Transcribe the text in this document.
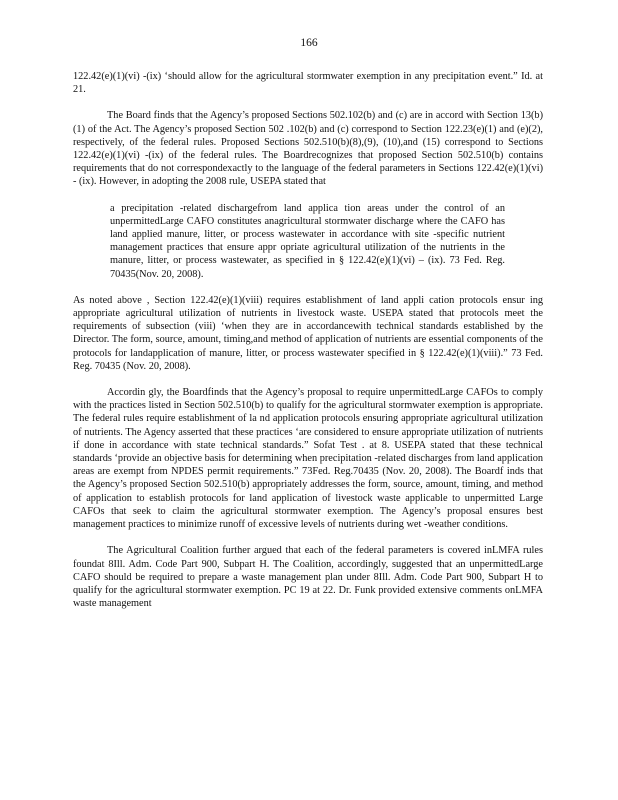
166

122.42(e)(1)(vi) -(ix) ‘should allow for the agricultural stormwater exemption in any precipitation event.” Id. at 21.

The Board finds that the Agency’s proposed Sections 502.102(b) and (c) are in accord with Section 13(b)(1) of the Act. The Agency’s proposed Section 502 .102(b) and (c) correspond to Section 122.23(e)(1) and (e)(2), respectively, of the federal rules. Proposed Sections 502.510(b)(8),(9), (10),and (15) correspond to Sections 122.42(e)(1)(vi) -(ix) of the federal rules. The Boardrecognizes that proposed Section 502.510(b) contains requirements that do not correspondexactly to the language of the federal parameters in Sections 122.42(e)(1)(vi) - (ix). However, in adopting the 2008 rule, USEPA stated that

a precipitation -related dischargefrom land applica tion areas under the control of an unpermittedLarge CAFO constitutes anagricultural stormwater discharge where the CAFO has land applied manure, litter, or process wastewater in accordance with site -specific nutrient management practices that ensure appr opriate agricultural utilization of the nutrients in the manure, litter, or process wastewater, as specified in § 122.42(e)(1)(vi) – (ix). 73 Fed. Reg. 70435(Nov. 20, 2008).

As noted above , Section 122.42(e)(1)(viii) requires establishment of land appli cation protocols ensur ing appropriate agricultural utilization of nutrients in livestock waste. USEPA stated that protocols meet the requirements of subsection (viii) ‘when they are in accordancewith technical standards established by the Director. The form, source, amount, timing,and method of application of nutrients are essential components of the protocols for landapplication of manure, litter, or process wastewater specified in § 122.42(e)(1)(viii).” 73 Fed. Reg. 70435 (Nov. 20, 2008).

Accordin gly, the Boardfinds that the Agency’s proposal to require unpermittedLarge CAFOs to comply with the practices listed in Section 502.510(b) to qualify for the agricultural stormwater exemption is appropriate. The federal rules require establishment of la nd application protocols ensuring appropriate agricultural utilization of nutrients. The Agency asserted that these practices ‘are considered to ensure appropriate utilization of nutrients if done in accordance with state technical standards.” Sofat Test . at 8. USEPA stated that these technical standards ‘provide an objective basis for determining when precipitation -related discharges from land application areas are exempt from NPDES permit requirements.” 73Fed. Reg.70435 (Nov. 20, 2008). The Boardf inds that the Agency’s proposed Section 502.510(b) appropriately addresses the form, source, amount, timing, and method of application to establish protocols for land application of livestock waste applicable to unpermitted Large CAFOs that seek to claim the agricultural stormwater exemption. The Agency’s proposal ensures best management practices to minimize runoff of excessive levels of nutrients during wet -weather conditions.

The Agricultural Coalition further argued that each of the federal parameters is covered inLMFA rules foundat 8Ill. Adm. Code Part 900, Subpart H. The Coalition, accordingly, suggested that an unpermittedLarge CAFO should be required to prepare a waste management plan under 8Ill. Adm. Code Part 900, Subpart H to qualify for the agricultural stormwater exemption. PC 19 at 22. Dr. Funk provided extensive comments onLMFA waste management
